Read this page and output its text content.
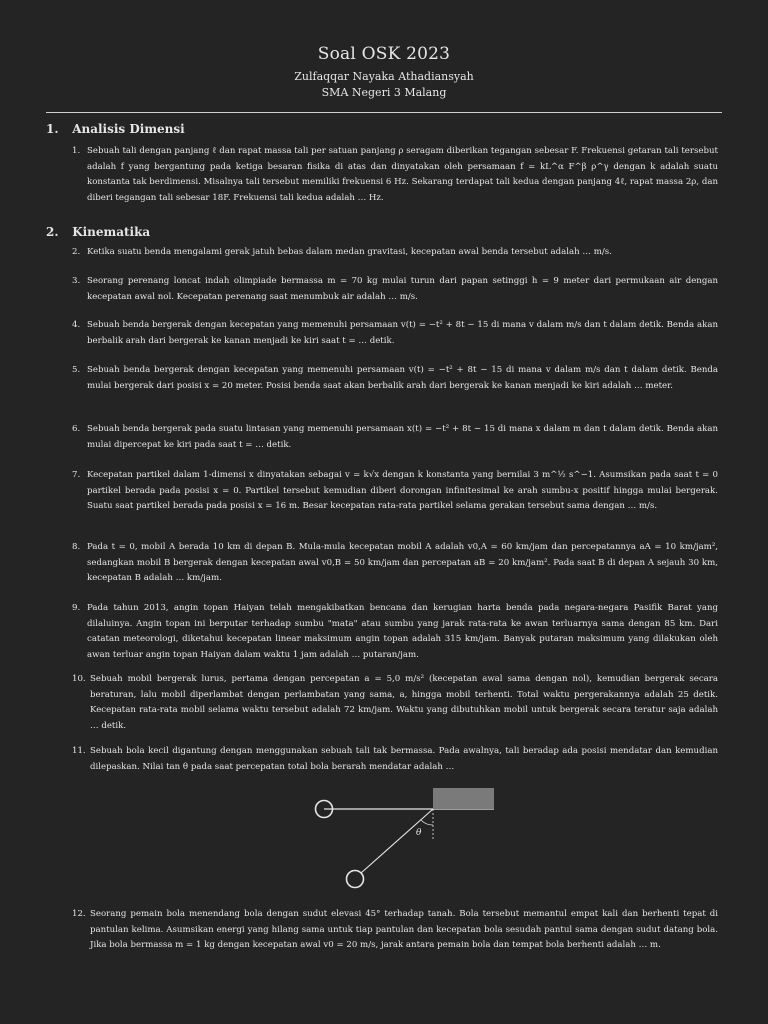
Soal OSK 2023
Zulfaqqar Nayaka Athadiansyah
SMA Negeri 3 Malang
1. Analisis Dimensi
1. Sebuah tali dengan panjang ℓ dan rapat massa tali per satuan panjang ρ seragam diberikan tegangan sebesar F. Frekuensi getaran tali tersebut adalah f yang bergantung pada ketiga besaran fisika di atas dan dinyatakan oleh persamaan f = kL^α F^β ρ^γ dengan k adalah suatu konstanta tak berdimensi. Misalnya tali tersebut memiliki frekuensi 6 Hz. Sekarang terdapat tali kedua dengan panjang 4ℓ, rapat massa 2ρ, dan diberi tegangan tali sebesar 18F. Frekuensi tali kedua adalah … Hz.
2. Kinematika
2. Ketika suatu benda mengalami gerak jatuh bebas dalam medan gravitasi, kecepatan awal benda tersebut adalah … m/s.
3. Seorang perenang loncat indah olimpiade bermassa m = 70 kg mulai turun dari papan setinggi h = 9 meter dari permukaan air dengan kecepatan awal nol. Kecepatan perenang saat menumbuk air adalah … m/s.
4. Sebuah benda bergerak dengan kecepatan yang memenuhi persamaan v(t) = −t² + 8t − 15 di mana v dalam m/s dan t dalam detik. Benda akan berbalik arah dari bergerak ke kanan menjadi ke kiri saat t = … detik.
5. Sebuah benda bergerak dengan kecepatan yang memenuhi persamaan v(t) = −t² + 8t − 15 di mana v dalam m/s dan t dalam detik. Benda mulai bergerak dari posisi x = 20 meter. Posisi benda saat akan berbalik arah dari bergerak ke kanan menjadi ke kiri adalah … meter.
6. Sebuah benda bergerak pada suatu lintasan yang memenuhi persamaan x(t) = −t² + 8t − 15 di mana x dalam m dan t dalam detik. Benda akan mulai dipercepat ke kiri pada saat t = … detik.
7. Kecepatan partikel dalam 1-dimensi x dinyatakan sebagai v = k√x dengan k konstanta yang bernilai 3 m^½ s^−1. Asumsikan pada saat t = 0 partikel berada pada posisi x = 0. Partikel tersebut kemudian diberi dorongan infinitesimal ke arah sumbu-x positif hingga mulai bergerak. Suatu saat partikel berada pada posisi x = 16 m. Besar kecepatan rata-rata partikel selama gerakan tersebut sama dengan … m/s.
8. Pada t = 0, mobil A berada 10 km di depan B. Mula-mula kecepatan mobil A adalah v0,A = 60 km/jam dan percepatannya aA = 10 km/jam², sedangkan mobil B bergerak dengan kecepatan awal v0,B = 50 km/jam dan percepatan aB = 20 km/jam². Pada saat B di depan A sejauh 30 km, kecepatan B adalah … km/jam.
9. Pada tahun 2013, angin topan Haiyan telah mengakibatkan bencana dan kerugian harta benda pada negara-negara Pasifik Barat yang dilaluinya. Angin topan ini berputar terhadap sumbu "mata" atau sumbu yang jarak rata-rata ke awan terluarnya sama dengan 85 km. Dari catatan meteorologi, diketahui kecepatan linear maksimum angin topan adalah 315 km/jam. Banyak putaran maksimum yang dilakukan oleh awan terluar angin topan Haiyan dalam waktu 1 jam adalah … putaran/jam.
10. Sebuah mobil bergerak lurus, pertama dengan percepatan a = 5,0 m/s² (kecepatan awal sama dengan nol), kemudian bergerak secara beraturan, lalu mobil diperlambat dengan perlambatan yang sama, a, hingga mobil terhenti. Total waktu pergerakannya adalah 25 detik. Kecepatan rata-rata mobil selama waktu tersebut adalah 72 km/jam. Waktu yang dibutuhkan mobil untuk bergerak secara teratur saja adalah … detik.
11. Sebuah bola kecil digantung dengan menggunakan sebuah tali tak bermassa. Pada awalnya, tali beradap ada posisi mendatar dan kemudian dilepaskan. Nilai tan θ pada saat percepatan total bola berarah mendatar adalah …
θ
12. Seorang pemain bola menendang bola dengan sudut elevasi 45° terhadap tanah. Bola tersebut memantul empat kali dan berhenti tepat di pantulan kelima. Asumsikan energi yang hilang sama untuk tiap pantulan dan kecepatan bola sesudah pantul sama dengan sudut datang bola. Jika bola bermassa m = 1 kg dengan kecepatan awal v0 = 20 m/s, jarak antara pemain bola dan tempat bola berhenti adalah … m.
